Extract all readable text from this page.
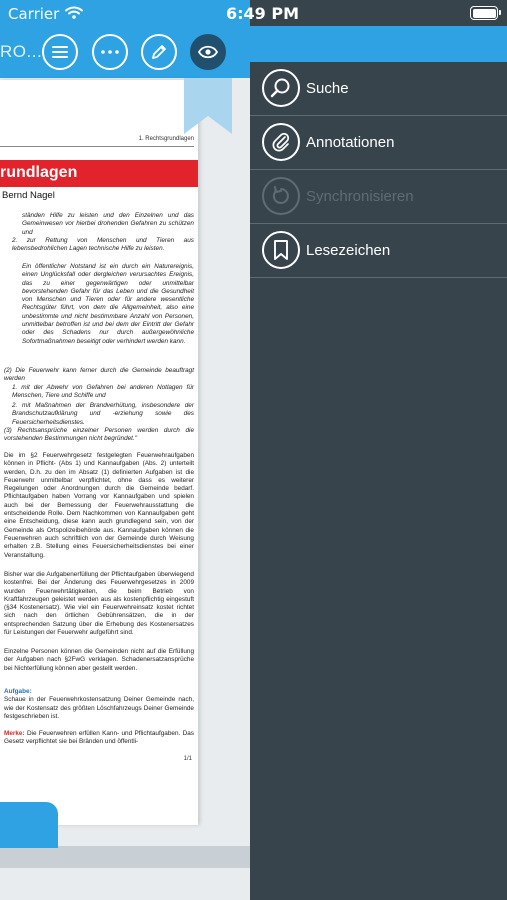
RO...
1. Rechtsgrundlagen
rundlagen
Bernd Nagel
ständen Hilfe zu leisten und den Einzelnen und das Gemeinwesen vor hierbei drohenden Gefahren zu schützen und
2. zur Rettung von Menschen und Tieren aus lebensbedrohlichen Lagen technische Hilfe zu leisten.
Ein öffentlicher Notstand ist ein durch ein Naturereignis, einen Unglücksfall oder dergleichen verursachtes Ereignis, das zu einer gegenwärtigen oder unmittelbar bevorstehenden Gefahr für das Leben und die Gesundheit von Menschen und Tieren oder für andere wesentliche Rechtsgüter führt, von dem die Allgemeinheit, also eine unbestimmte und nicht bestimmbare Anzahl von Personen, unmittelbar betroffen ist und bei dem der Eintritt der Gefahr oder des Schadens nur durch außergewöhnliche Sofortmaßnahmen beseitigt oder verhindert werden kann.
(2) Die Feuerwehr kann ferner durch die Gemeinde beauftragt werden
1. mit der Abwehr von Gefahren bei anderen Notlagen für Menschen, Tiere und Schiffe und
2. mit Maßnahmen der Brandverhütung, insbesondere der Brandschutzaufklärung und -erziehung sowie des Feuersicherheitsdienstes.
(3) Rechtsansprüche einzelner Personen werden durch die vorstehenden Bestimmungen nicht begründet."
Die im §2 Feuerwehrgesetz festgelegten Feuerwehraufgaben können in Pflicht- (Abs 1) und Kannaufgaben (Abs. 2) unterteilt werden, D.h. zu den im Absatz (1) definierten Aufgaben ist die Feuerwehr unmittelbar verpflichtet, ohne dass es weiterer Regelungen oder Anordnungen durch die Gemeinde bedarf. Pflichtaufgaben haben Vorrang vor Kannaufgaben und spielen auch bei der Bemessung der Feuerwehrausstattung die entscheidende Rolle. Dem Nachkommen von Kannaufgaben geht eine Entscheidung, diese kann auch grundlegend sein, von der Gemeinde als Ortspolizeibehörde aus. Kannaufgaben können die Feuerwehren auch schriftlich von der Gemeinde durch Weisung erhalten z.B. Stellung eines Feuersicherheitsdienstes bei einer Veranstaltung.
Bisher war die Aufgabenerfüllung der Pflichtaufgaben überwiegend kostenfrei. Bei der Änderung des Feuerwehrgesetzes in 2009 wurden Feuerwehrtätigkeiten, die beim Betrieb von Kraftfahrzeugen geleistet werden aus als kostenpflichtig eingestuft (§34 Kostenersatz). Wie viel ein Feuerwehreinsatz kostet richtet sich nach den örtlichen Gebührensätzen, die in der entsprechenden Satzung über die Erhebung des Kostenersatzes für Leistungen der Feuerwehr aufgeführt sind.
Einzelne Personen können die Gemeinden nicht auf die Erfüllung der Aufgaben nach §2FwG verklagen. Schadenersatzansprüche bei Nichterfüllung können aber gestellt werden.
Aufgabe:
Schaue in der Feuerwehrkostensatzung Deiner Gemeinde nach, wie der Kostensatz des größten Löschfahrzeugs Deiner Gemeinde festgeschrieben ist.
Merke: Die Feuerwehren erfüllen Kann- und Pflichtaufgaben. Das Gesetz verpflichtet sie bei Bränden und öffentli-
1/1
Suche
Annotationen
Synchronisieren
Lesezeichen
Carrier	6:49 PM
